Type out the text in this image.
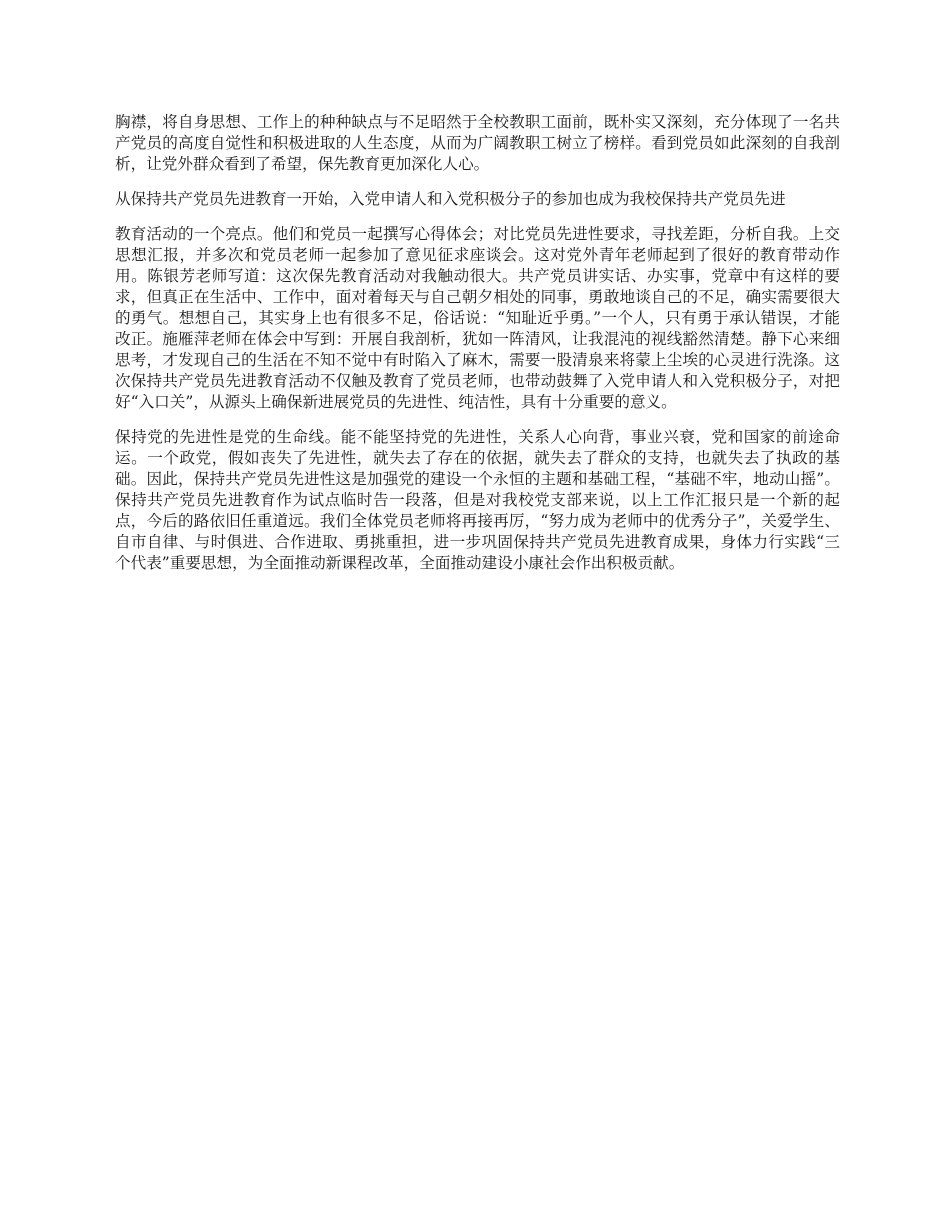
胸襟，将自身思想、工作上的种种缺点与不足昭然于全校教职工面前，既朴实又深刻，充分体现了一名共产党员的高度自觉性和积极进取的人生态度，从而为广阔教职工树立了榜样。看到党员如此深刻的自我剖析，让党外群众看到了希望，保先教育更加深化人心。

从保持共产党员先进教育一开始，入党申请人和入党积极分子的参加也成为我校保持共产党员先进

教育活动的一个亮点。他们和党员一起撰写心得体会；对比党员先进性要求，寻找差距，分析自我。上交思想汇报，并多次和党员老师一起参加了意见征求座谈会。这对党外青年老师起到了很好的教育带动作用。陈银芳老师写道：这次保先教育活动对我触动很大。共产党员讲实话、办实事，党章中有这样的要求，但真正在生活中、工作中，面对着每天与自己朝夕相处的同事，勇敢地谈自己的不足，确实需要很大的勇气。想想自己，其实身上也有很多不足，俗话说：“知耻近乎勇。”一个人，只有勇于承认错误，才能改正。施雁萍老师在体会中写到：开展自我剖析，犹如一阵清风，让我混沌的视线豁然清楚。静下心来细思考，才发现自己的生活在不知不觉中有时陷入了麻木，需要一股清泉来将蒙上尘埃的心灵进行洗涤。这次保持共产党员先进教育活动不仅触及教育了党员老师，也带动鼓舞了入党申请人和入党积极分子，对把好“入口关”，从源头上确保新进展党员的先进性、纯洁性，具有十分重要的意义。

保持党的先进性是党的生命线。能不能坚持党的先进性，关系人心向背，事业兴衰，党和国家的前途命运。一个政党，假如丧失了先进性，就失去了存在的依据，就失去了群众的支持，也就失去了执政的基础。因此，保持共产党员先进性这是加强党的建设一个永恒的主题和基础工程，“基础不牢，地动山摇”。保持共产党员先进教育作为试点临时告一段落，但是对我校党支部来说，以上工作汇报只是一个新的起点，今后的路依旧任重道远。我们全体党员老师将再接再厉，“努力成为老师中的优秀分子”，关爱学生、自市自律、与时俱进、合作进取、勇挑重担，进一步巩固保持共产党员先进教育成果，身体力行实践“三个代表”重要思想，为全面推动新课程改革，全面推动建设小康社会作出积极贡献。
